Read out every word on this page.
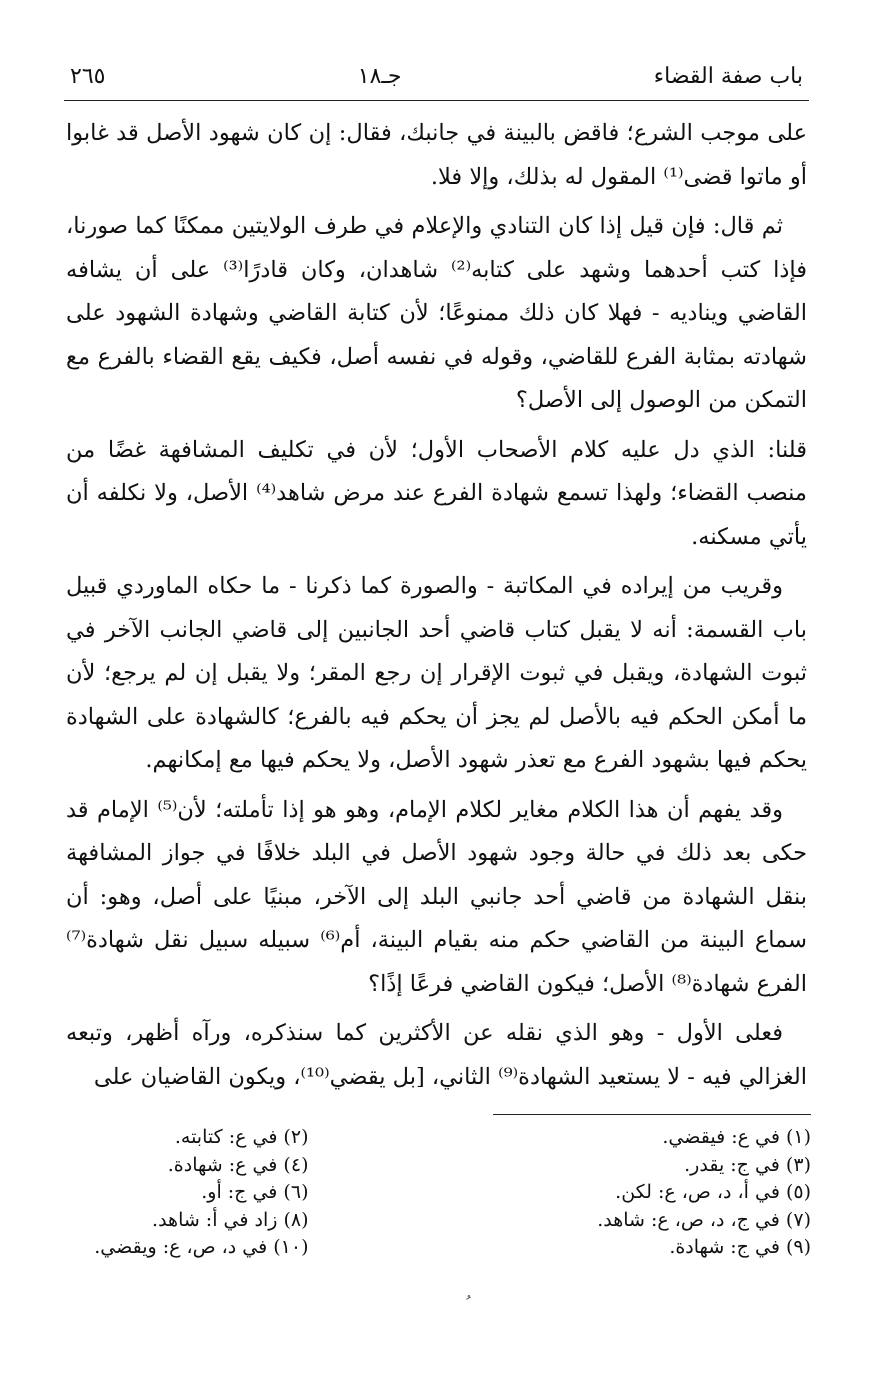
باب صفة القضاء
جـ١٨
٢٦٥

على موجب الشرع؛ فاقض بالبينة في جانبك، فقال: إن كان شهود الأصل قد غابوا أو ماتوا قضى⁽¹⁾ المقول له بذلك، وإلا فلا.

ثم قال: فإن قيل إذا كان التنادي والإعلام في طرف الولايتين ممكنًا كما صورنا، فإذا كتب أحدهما وشهد على كتابه⁽²⁾ شاهدان، وكان قادرًا⁽³⁾ على أن يشافه القاضي ويناديه - فهلا كان ذلك ممنوعًا؛ لأن كتابة القاضي وشهادة الشهود على شهادته بمثابة الفرع للقاضي، وقوله في نفسه أصل، فكيف يقع القضاء بالفرع مع التمكن من الوصول إلى الأصل؟

قلنا: الذي دل عليه كلام الأصحاب الأول؛ لأن في تكليف المشافهة غضًا من منصب القضاء؛ ولهذا تسمع شهادة الفرع عند مرض شاهد⁽⁴⁾ الأصل، ولا نكلفه أن يأتي مسكنه.

وقريب من إيراده في المكاتبة - والصورة كما ذكرنا - ما حكاه الماوردي قبيل باب القسمة: أنه لا يقبل كتاب قاضي أحد الجانبين إلى قاضي الجانب الآخر في ثبوت الشهادة، ويقبل في ثبوت الإقرار إن رجع المقر؛ ولا يقبل إن لم يرجع؛ لأن ما أمكن الحكم فيه بالأصل لم يجز أن يحكم فيه بالفرع؛ كالشهادة على الشهادة يحكم فيها بشهود الفرع مع تعذر شهود الأصل، ولا يحكم فيها مع إمكانهم.

وقد يفهم أن هذا الكلام مغاير لكلام الإمام، وهو هو إذا تأملته؛ لأن⁽⁵⁾ الإمام قد حكى بعد ذلك في حالة وجود شهود الأصل في البلد خلافًا في جواز المشافهة بنقل الشهادة من قاضي أحد جانبي البلد إلى الآخر، مبنيًا على أصل، وهو: أن سماع البينة من القاضي حكم منه بقيام البينة، أم⁽⁶⁾ سبيله سبيل نقل شهادة⁽⁷⁾ الفرع شهادة⁽⁸⁾ الأصل؛ فيكون القاضي فرعًا إذًا؟

فعلى الأول - وهو الذي نقله عن الأكثرين كما سنذكره، ورآه أظهر، وتبعه الغزالي فيه - لا يستعيد الشهادة⁽⁹⁾ الثاني، [بل يقضي⁽¹⁰⁾، ويكون القاضيان على

(١) في ع: فيقضي.
(٢) في ع: كتابته.
(٣) في ج: يقدر.
(٤) في ع: شهادة.
(٥) في أ، د، ص، ع: لكن.
(٦) في ج: أو.
(٧) في ج، د، ص، ع: شاهد.
(٨) زاد في أ: شاهد.
(٩) في ج: شهادة.
(١٠) في د، ص، ع: ويقضي.
ﹸ
